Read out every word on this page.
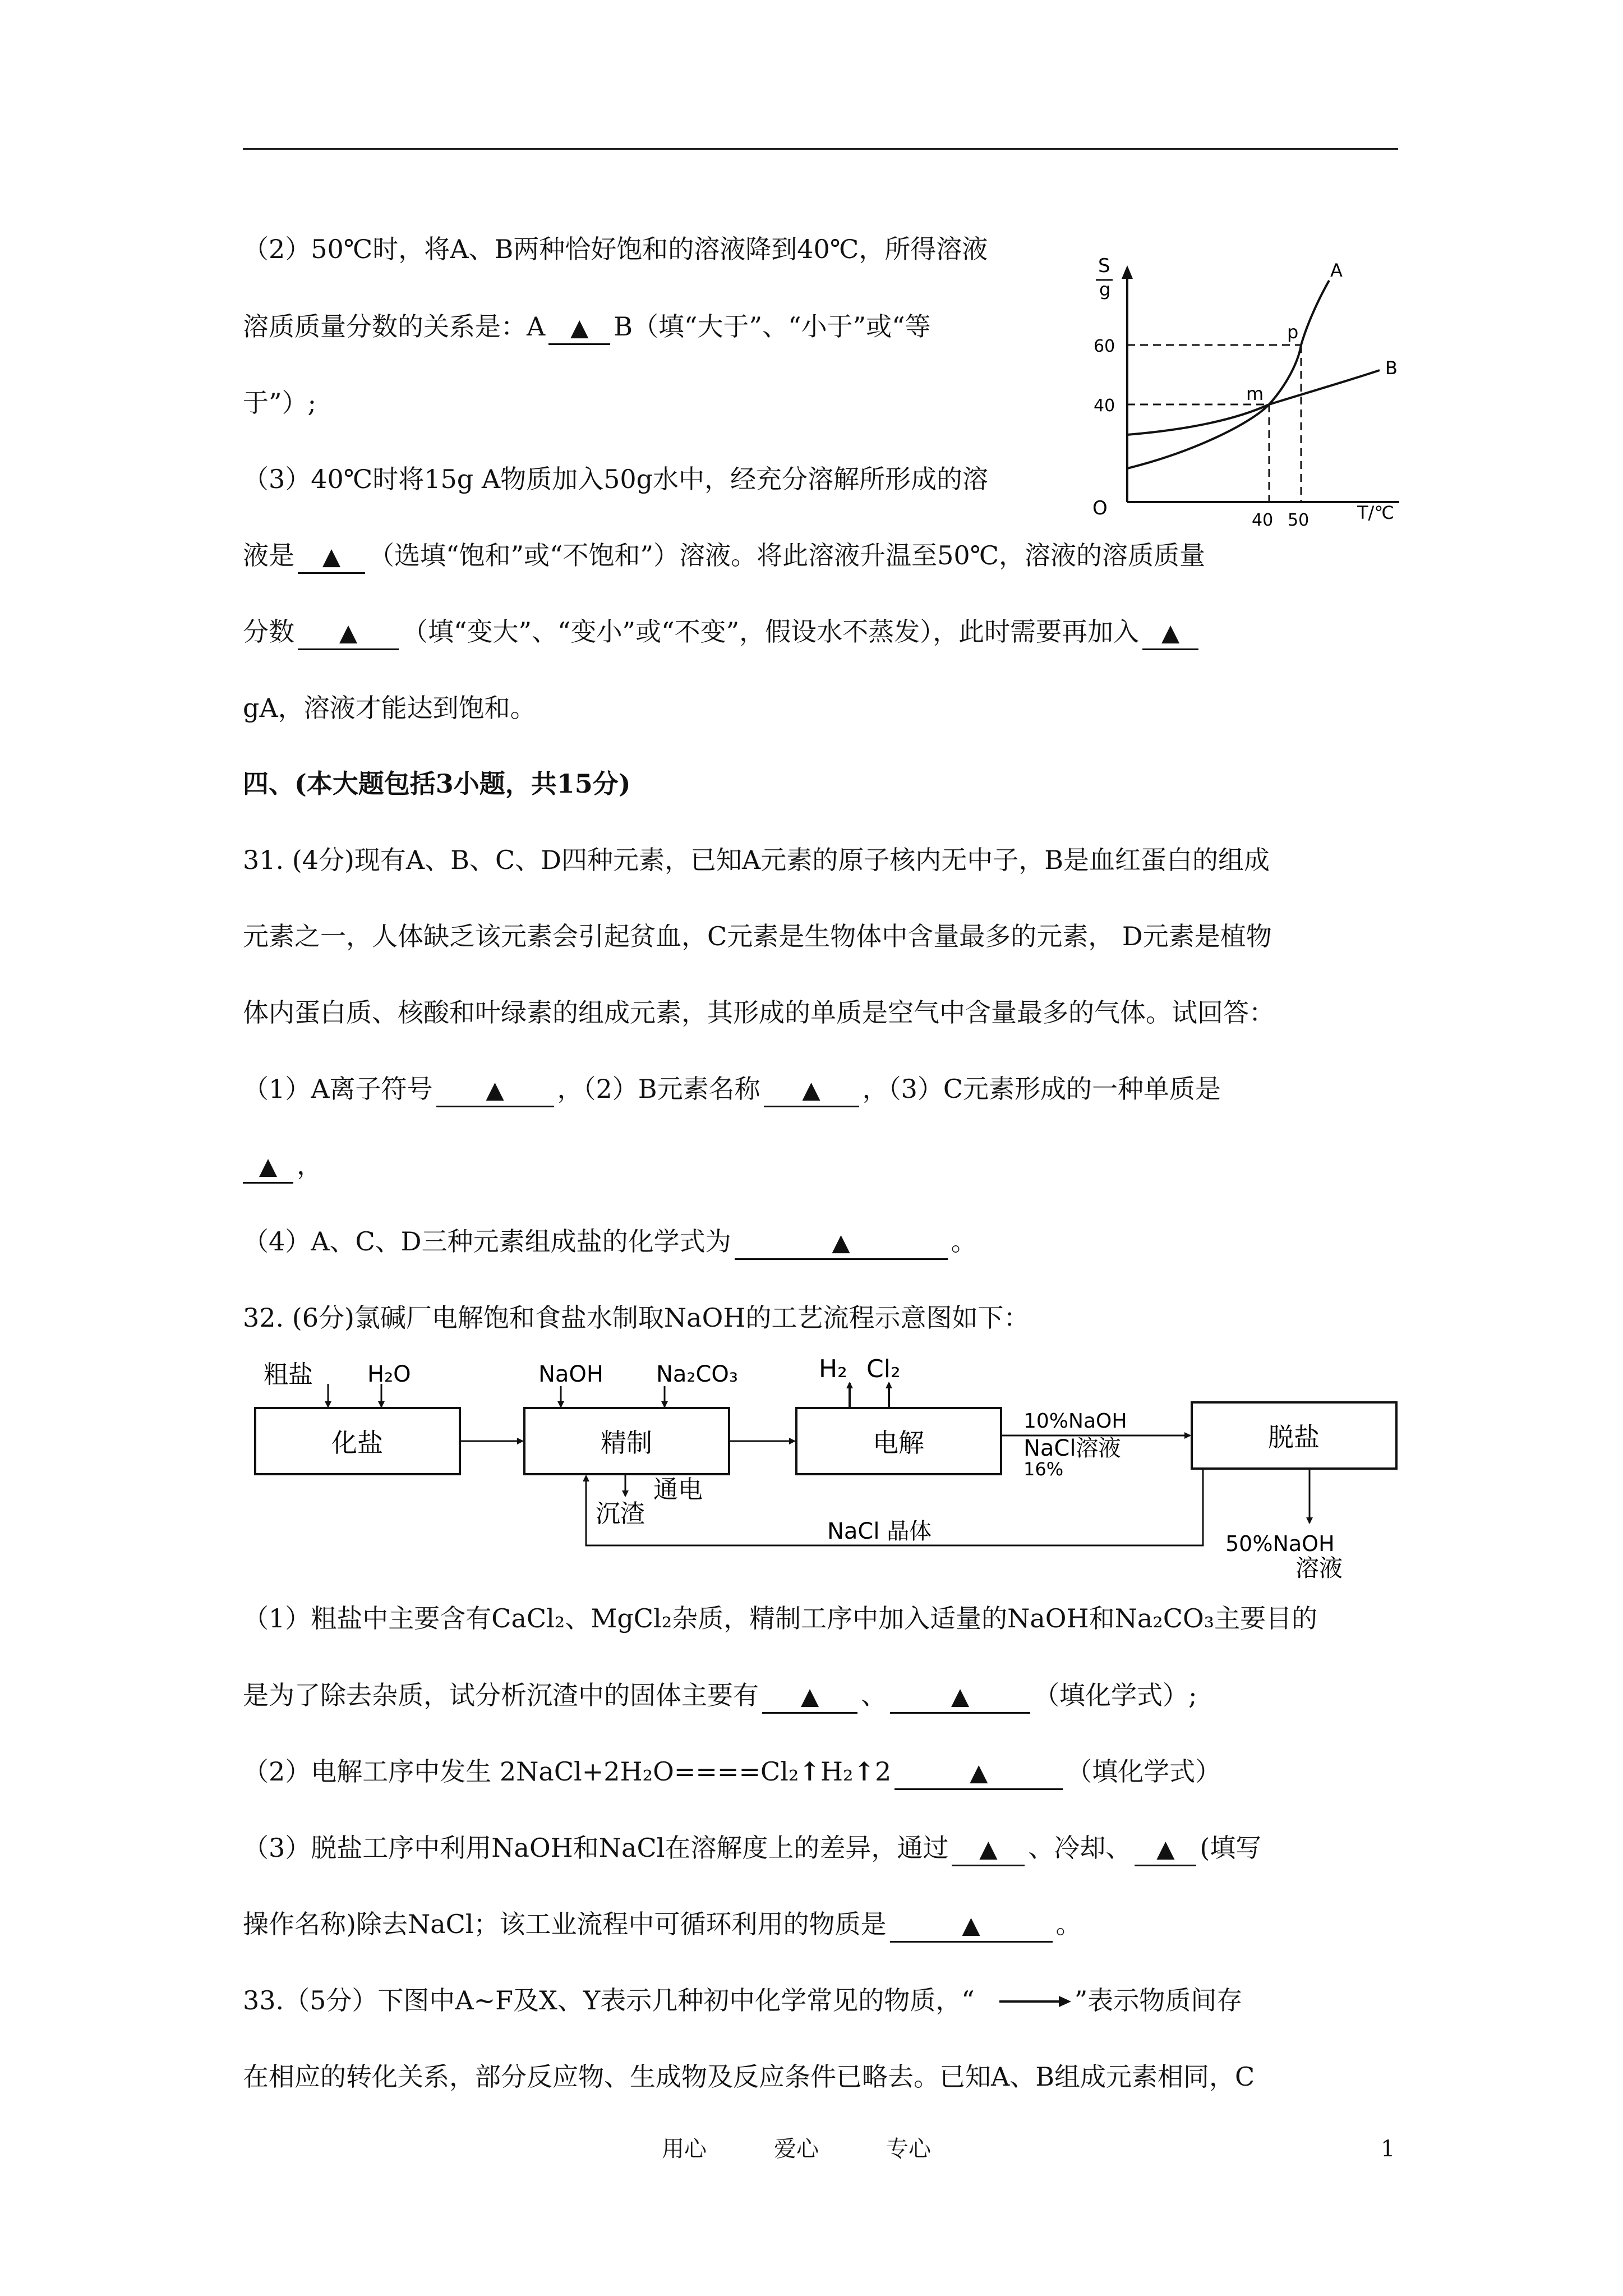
（2）50℃时，将A、B两种恰好饱和的溶液降到40℃，所得溶液
溶质质量分数的关系是：A ▲ B（填“大于”、“小于”或“等
于”）;
（3）40℃时将15g A物质加入50g水中，经充分溶解所形成的溶
液是 ▲ （选填“饱和”或“不饱和”）溶液。将此溶液升温至50℃，溶液的溶质质量
分数 ▲ （填“变大”、“变小”或“不变”，假设水不蒸发），此时需要再加入 ▲
gA，溶液才能达到饱和。
S
g
60
40
O
40 50	T/℃
m
p
A
B
四、(本大题包括3小题，共15分)
31. (4分)现有A、B、C、D四种元素，已知A元素的原子核内无中子，B是血红蛋白的组成
元素之一，人体缺乏该元素会引起贫血，C元素是生物体中含量最多的元素， D元素是植物
体内蛋白质、核酸和叶绿素的组成元素，其形成的单质是空气中含量最多的气体。试回答：
（1）A离子符号 ▲ ，（2）B元素名称 ▲ ，（3）C元素形成的一种单质是
▲ ，
（4）A、C、D三种元素组成盐的化学式为	▲	。
32. (6分)氯碱厂电解饱和食盐水制取NaOH的工艺流程示意图如下：
化盐	精制	电解	脱盐
粗盐 H₂O	NaOH Na₂CO₃	H₂ Cl₂
10%NaOH
NaCl溶液
16%
通电
沉渣
NaCl 晶体	50%NaOH
溶液
（1）粗盐中主要含有CaCl₂、MgCl₂杂质，精制工序中加入适量的NaOH和Na₂CO₃主要目的
是为了除去杂质，试分析沉渣中的固体主要有 ▲ 、	▲ （填化学式）;
（2）电解工序中发生 2NaCl+2H₂O====Cl₂↑H₂↑2	▲	（填化学式）
（3）脱盐工序中利用NaOH和NaCl在溶解度上的差异，通过 ▲ 、冷却、 ▲ (填写
操作名称)除去NaCl；该工业流程中可循环利用的物质是	▲	。
33.（5分）下图中A~F及X、Y表示几种初中化学常见的物质，“	”表示物质间存
在相应的转化关系，部分反应物、生成物及反应条件已略去。已知A、B组成元素相同，C
用心	爱心	专心	1
